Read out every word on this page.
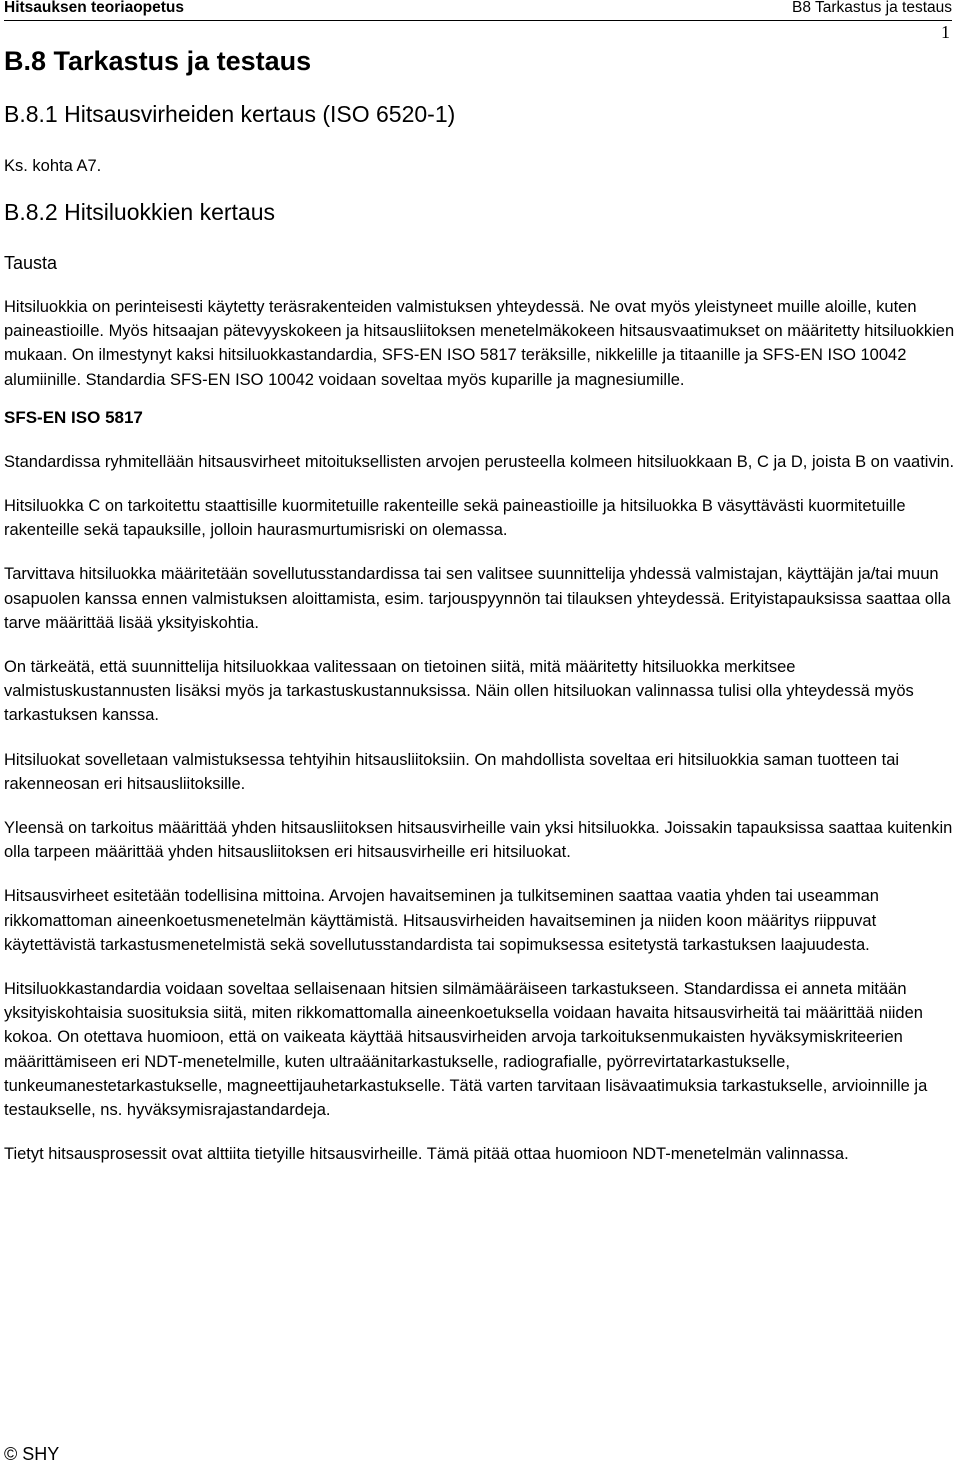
Hitsauksen teoriaopetus	B8 Tarkastus ja testaus
1
B.8 Tarkastus ja testaus
B.8.1 Hitsausvirheiden kertaus (ISO 6520-1)
Ks. kohta A7.
B.8.2 Hitsiluokkien kertaus
Tausta

Hitsiluokkia on perinteisesti käytetty teräsrakenteiden valmistuksen yhteydessä. Ne ovat myös yleistyneet muille aloille, kuten paineastioille. Myös hitsaajan pätevyyskokeen ja hitsausliitoksen menetelmäkokeen hitsausvaatimukset on määritetty hitsiluokkien mukaan. On ilmestynyt kaksi hitsiluokkastandardia, SFS-EN ISO 5817 teräksille, nikkelille ja titaanille ja SFS-EN ISO 10042 alumiinille. Standardia SFS-EN ISO 10042 voidaan soveltaa myös kuparille ja magnesiumille.

SFS-EN ISO 5817

Standardissa ryhmitellään hitsausvirheet mitoituksellisten arvojen perusteella kolmeen hitsiluokkaan B, C ja D, joista B on vaativin.

Hitsiluokka C on tarkoitettu staattisille kuormitetuille rakenteille sekä paineastioille ja hitsiluokka B väsyttävästi kuormitetuille rakenteille sekä tapauksille, jolloin haurasmurtumisriski on olemassa.

Tarvittava hitsiluokka määritetään sovellutusstandardissa tai sen valitsee suunnittelija yhdessä valmistajan, käyttäjän ja/tai muun osapuolen kanssa ennen valmistuksen aloittamista, esim. tarjouspyynnön tai tilauksen yhteydessä. Erityistapauksissa saattaa olla tarve määrittää lisää yksityiskohtia.

On tärkeätä, että suunnittelija hitsiluokkaa valitessaan on tietoinen siitä, mitä määritetty hitsiluokka merkitsee valmistuskustannusten lisäksi myös ja tarkastuskustannuksissa. Näin ollen hitsiluokan valinnassa tulisi olla yhteydessä myös tarkastuksen kanssa.

Hitsiluokat sovelletaan valmistuksessa tehtyihin hitsausliitoksiin. On mahdollista soveltaa eri hitsiluokkia saman tuotteen tai rakenneosan eri hitsausliitoksille.

Yleensä on tarkoitus määrittää yhden hitsausliitoksen hitsausvirheille vain yksi hitsiluokka. Joissakin tapauksissa saattaa kuitenkin olla tarpeen määrittää yhden hitsausliitoksen eri hitsausvirheille eri hitsiluokat.

Hitsausvirheet esitetään todellisina mittoina. Arvojen havaitseminen ja tulkitseminen saattaa vaatia yhden tai useamman rikkomattoman aineenkoetusmenetelmän käyttämistä. Hitsausvirheiden havaitseminen ja niiden koon määritys riippuvat käytettävistä tarkastusmenetelmistä sekä sovellutusstandardista tai sopimuksessa esitetystä tarkastuksen laajuudesta.

Hitsiluokkastandardia voidaan soveltaa sellaisenaan hitsien silmämääräiseen tarkastukseen. Standardissa ei anneta mitään yksityiskohtaisia suosituksia siitä, miten rikkomattomalla aineenkoetuksella voidaan havaita hitsausvirheitä tai määrittää niiden kokoa. On otettava huomioon, että on vaikeata käyttää hitsausvirheiden arvoja tarkoituksenmukaisten hyväksymiskriteerien määrittämiseen eri NDT-menetelmille, kuten ultraäänitarkastukselle, radiografialle, pyörrevirtatarkastukselle, tunkeumanestetarkastukselle, magneettijauhetarkastukselle. Tätä varten tarvitaan lisävaatimuksia tarkastukselle, arvioinnille ja testaukselle, ns. hyväksymisrajastandardeja.

Tietyt hitsausprosessit ovat alttiita tietyille hitsausvirheille. Tämä pitää ottaa huomioon NDT-menetelmän valinnassa.

© SHY
